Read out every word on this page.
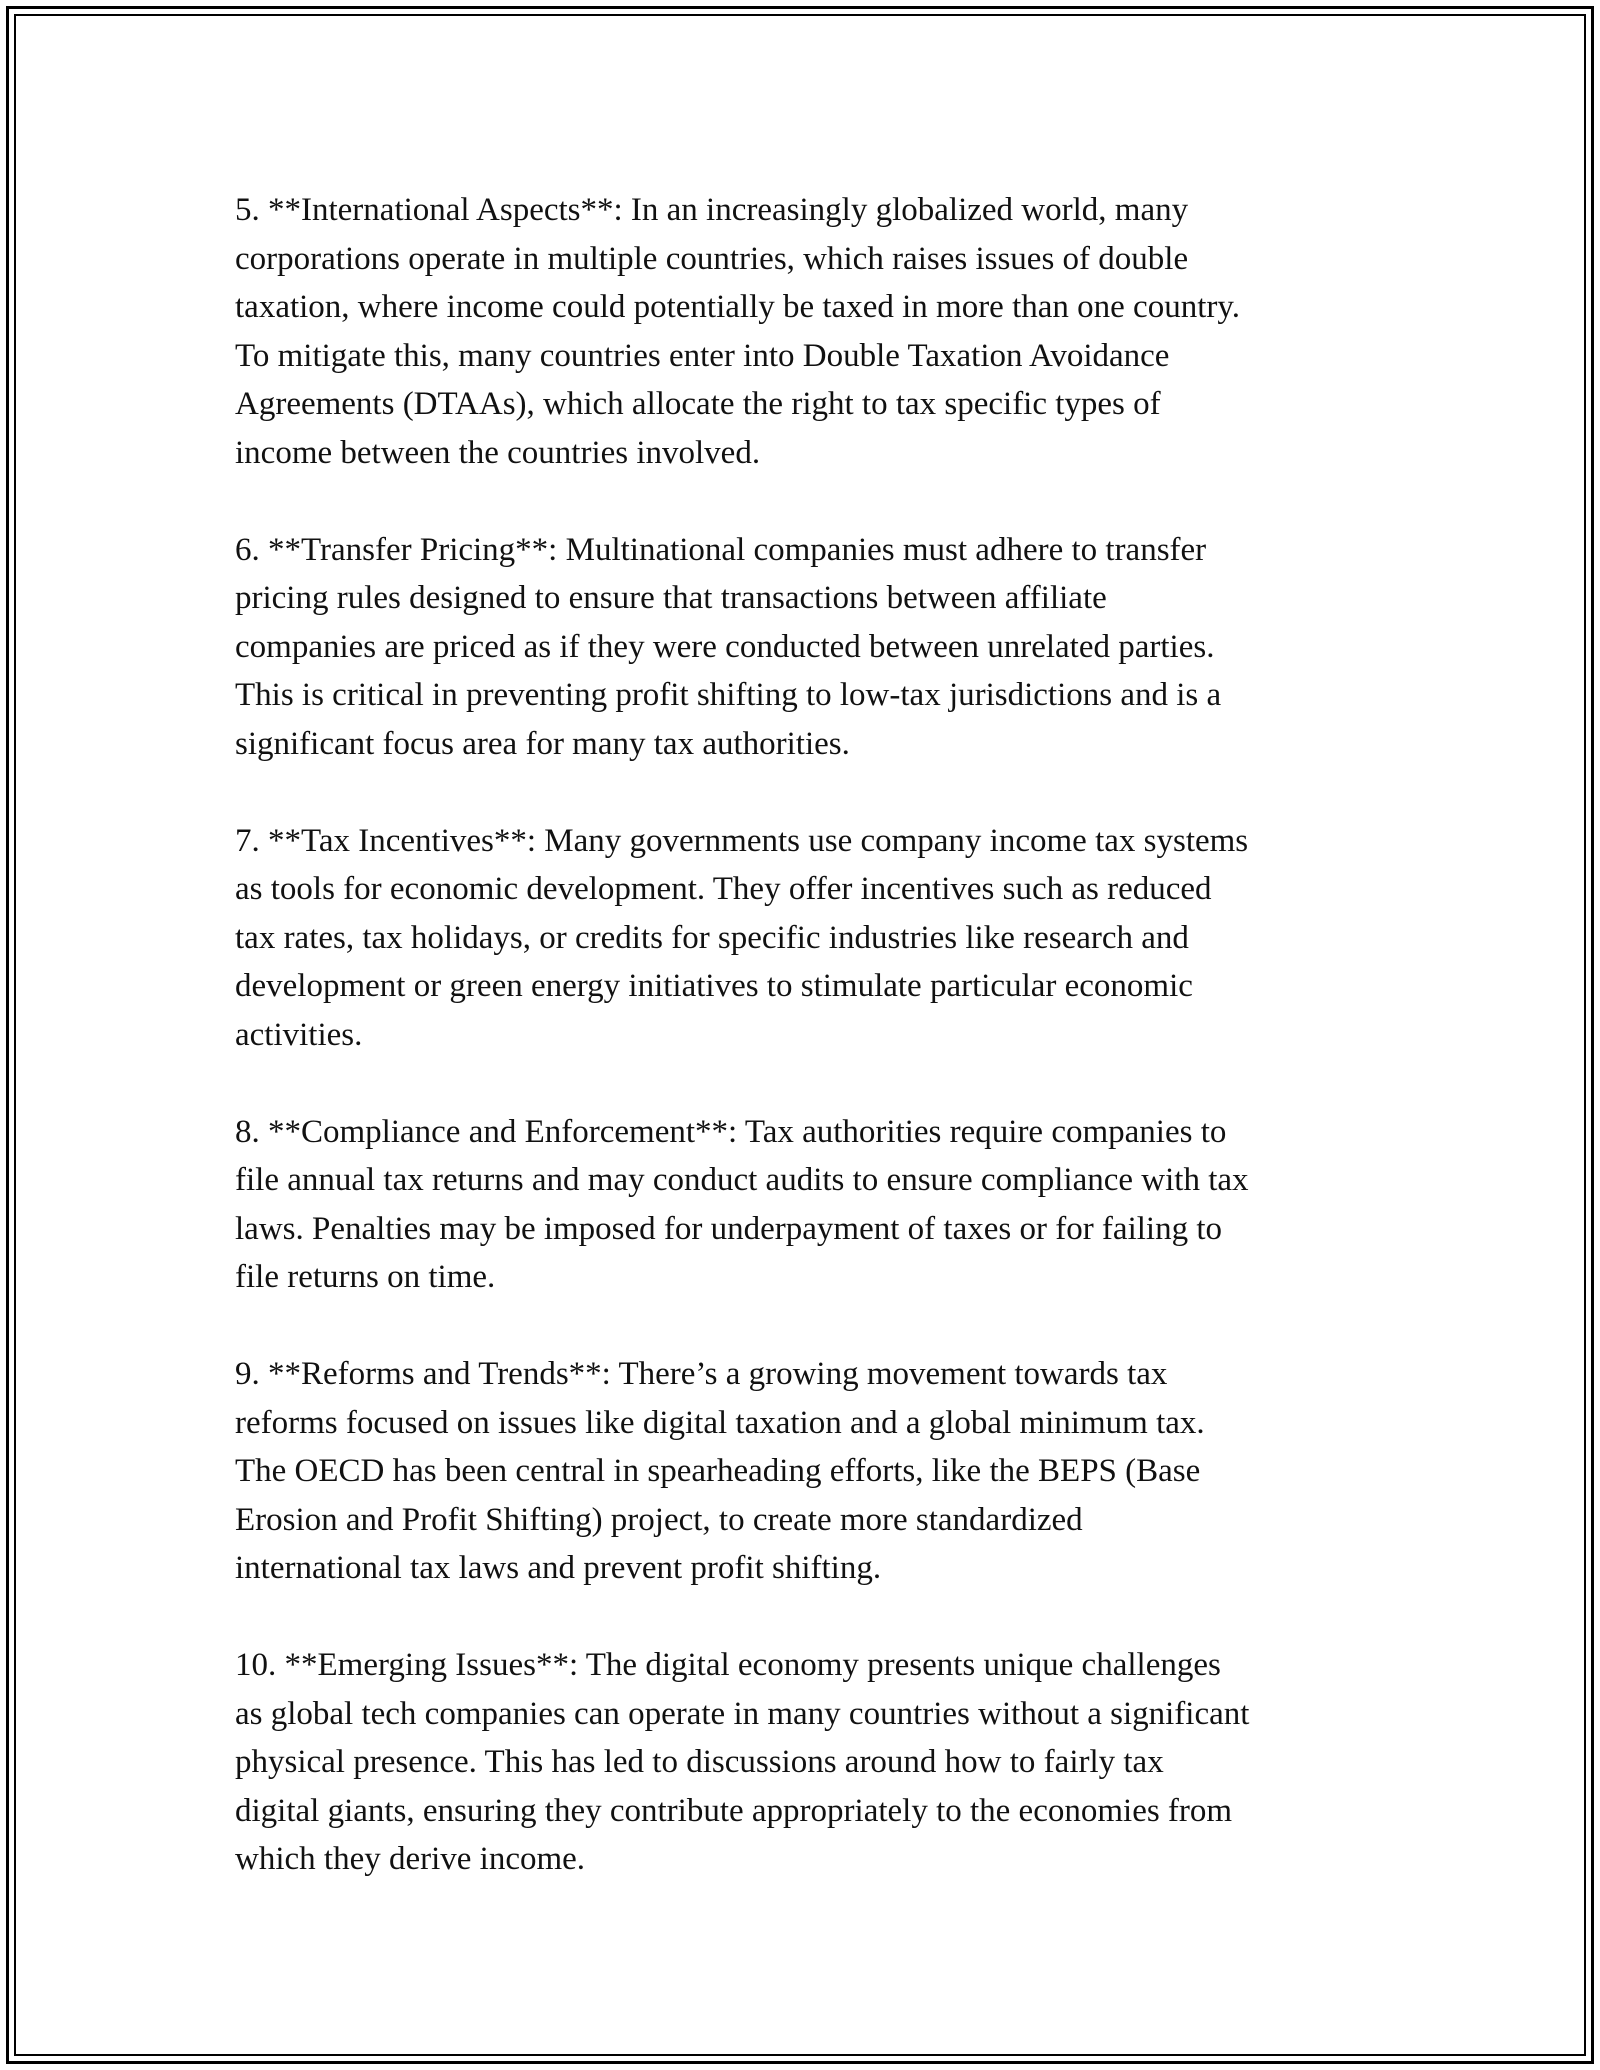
5. **International Aspects**: In an increasingly globalized world, many
corporations operate in multiple countries, which raises issues of double
taxation, where income could potentially be taxed in more than one country.
To mitigate this, many countries enter into Double Taxation Avoidance
Agreements (DTAAs), which allocate the right to tax specific types of
income between the countries involved.

6. **Transfer Pricing**: Multinational companies must adhere to transfer
pricing rules designed to ensure that transactions between affiliate
companies are priced as if they were conducted between unrelated parties.
This is critical in preventing profit shifting to low-tax jurisdictions and is a
significant focus area for many tax authorities.

7. **Tax Incentives**: Many governments use company income tax systems
as tools for economic development. They offer incentives such as reduced
tax rates, tax holidays, or credits for specific industries like research and
development or green energy initiatives to stimulate particular economic
activities.

8. **Compliance and Enforcement**: Tax authorities require companies to
file annual tax returns and may conduct audits to ensure compliance with tax
laws. Penalties may be imposed for underpayment of taxes or for failing to
file returns on time.

9. **Reforms and Trends**: There’s a growing movement towards tax
reforms focused on issues like digital taxation and a global minimum tax.
The OECD has been central in spearheading efforts, like the BEPS (Base
Erosion and Profit Shifting) project, to create more standardized
international tax laws and prevent profit shifting.

10. **Emerging Issues**: The digital economy presents unique challenges
as global tech companies can operate in many countries without a significant
physical presence. This has led to discussions around how to fairly tax
digital giants, ensuring they contribute appropriately to the economies from
which they derive income.
